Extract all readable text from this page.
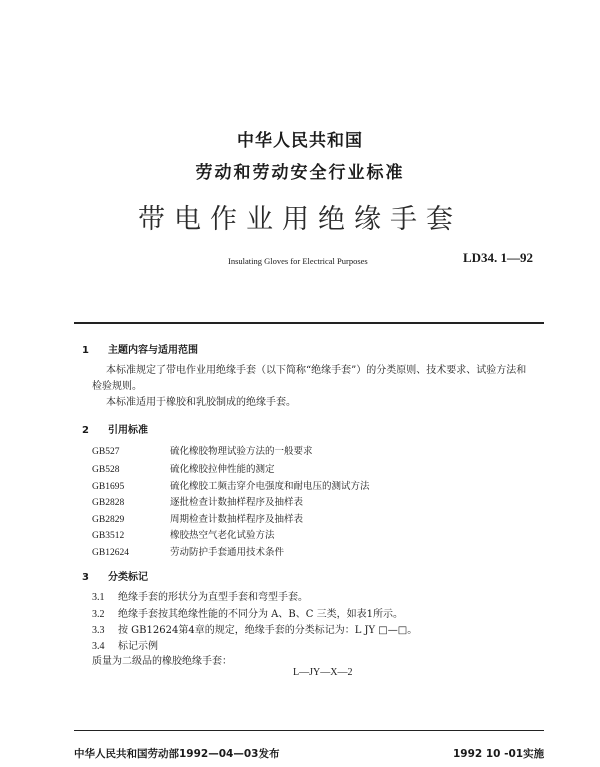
中华人民共和国
劳动和劳动安全行业标准
带电作业用绝缘手套
Insulating Gloves for Electrical Purposes	LD34. 1—92
1 主题内容与适用范围
本标准规定了带电作业用绝缘手套（以下简称“绝缘手套”）的分类原则、技术要求、试验方法和
检验规则。
本标准适用于橡胶和乳胶制成的绝缘手套。
2 引用标准
GB527	硫化橡胶物理试验方法的一般要求
GB528	硫化橡胶拉伸性能的测定
GB1695	硫化橡胶工频击穿介电强度和耐电压的测试方法
GB2828	逐批检查计数抽样程序及抽样表
GB2829	周期检查计数抽样程序及抽样表
GB3512	橡胶热空气老化试验方法
GB12624	劳动防护手套通用技术条件
3 分类标记
3.1 绝缘手套的形状分为直型手套和弯型手套。
3.2 绝缘手套按其绝缘性能的不同分为 A、B、C 三类，如表1所示。
3.3 按 GB12624第4章的规定，绝缘手套的分类标记为：L JY □—□。
3.4 标记示例
质量为二级品的橡胶绝缘手套：
L—JY—X—2
中华人民共和国劳动部1992—04—03发布	1992 10 -01实施
